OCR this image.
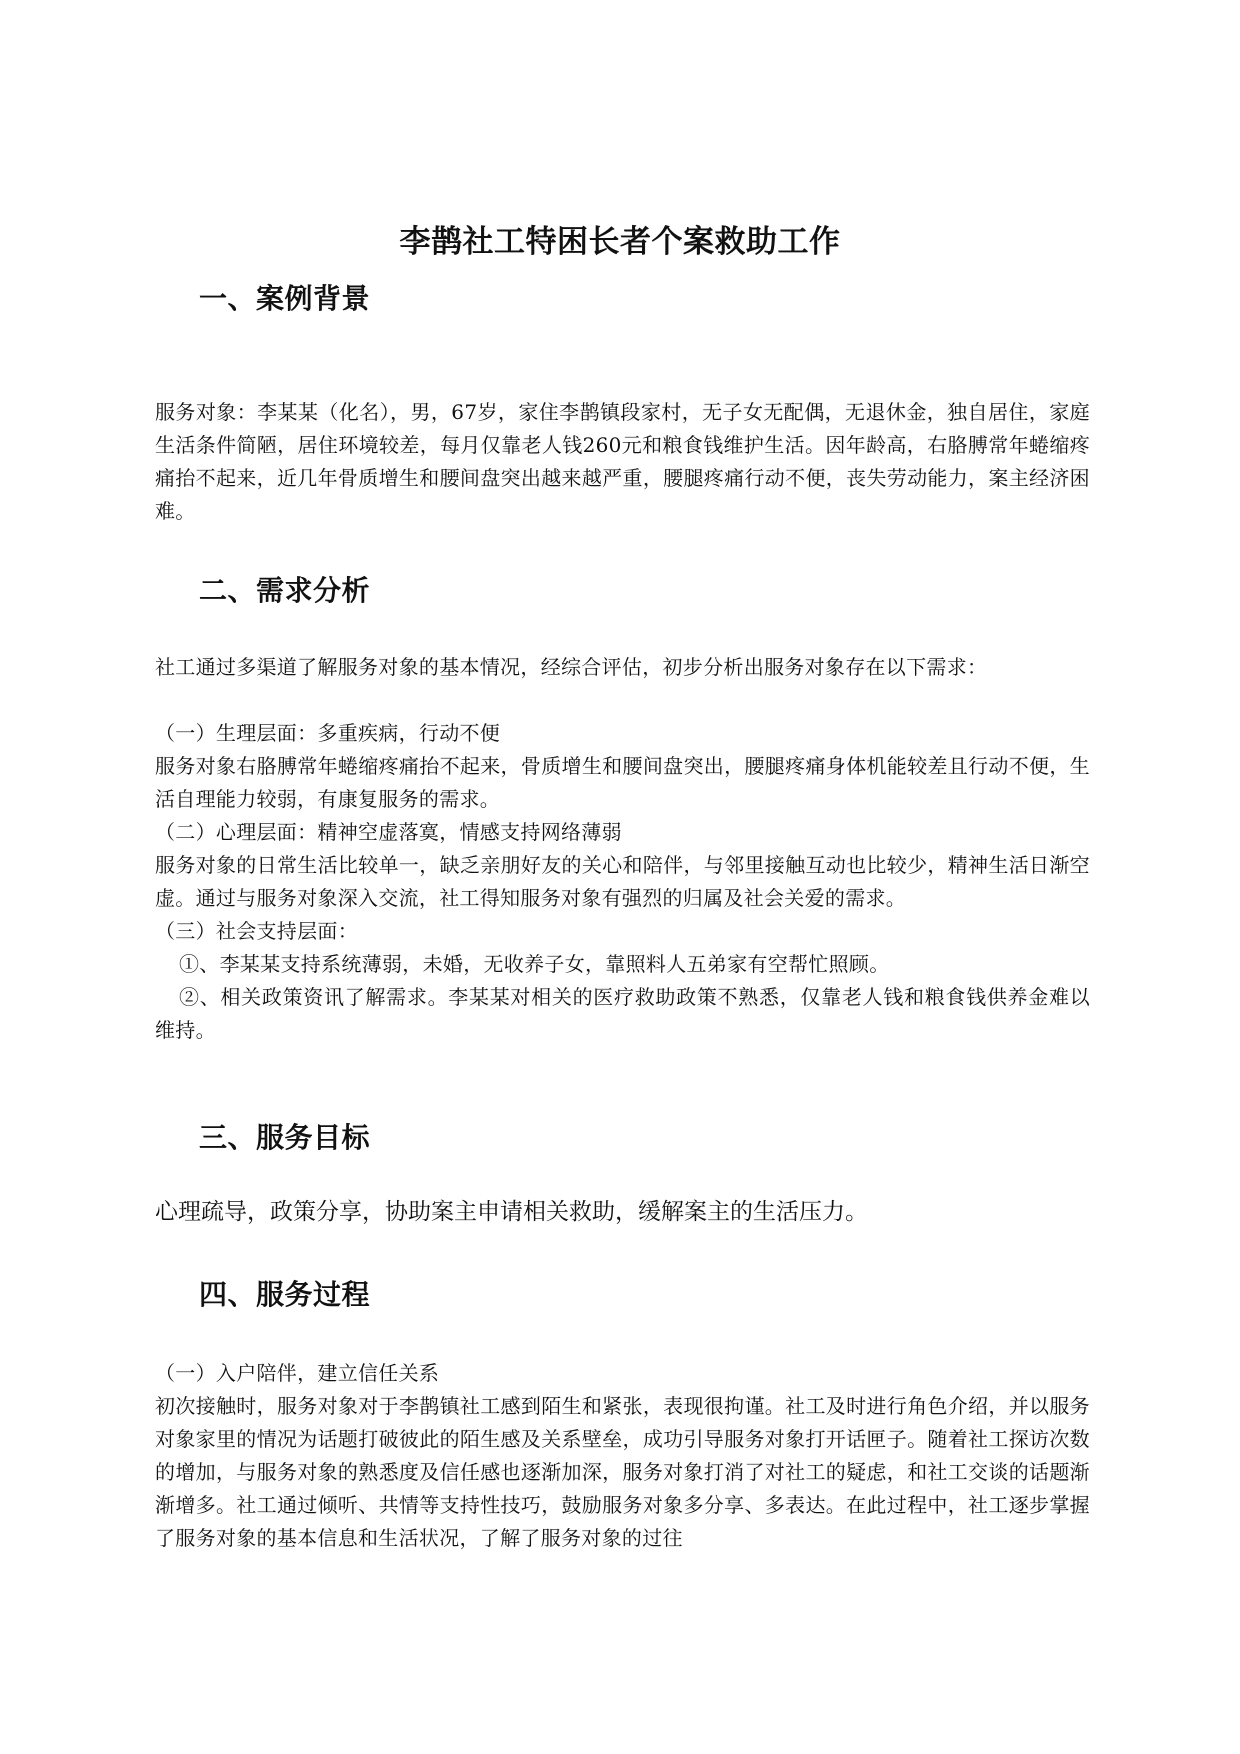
李鹊社工特困长者个案救助工作
一、案例背景
服务对象：李某某（化名），男，67岁，家住李鹊镇段家村，无子女无配偶，无退休金，独自居住，家庭生活条件简陋，居住环境较差，每月仅靠老人钱260元和粮食钱维护生活。因年龄高，右胳膊常年蜷缩疼痛抬不起来，近几年骨质增生和腰间盘突出越来越严重，腰腿疼痛行动不便，丧失劳动能力，案主经济困难。
二、需求分析
社工通过多渠道了解服务对象的基本情况，经综合评估，初步分析出服务对象存在以下需求：
（一）生理层面：多重疾病，行动不便
服务对象右胳膊常年蜷缩疼痛抬不起来，骨质增生和腰间盘突出，腰腿疼痛身体机能较差且行动不便，生活自理能力较弱，有康复服务的需求。
（二）心理层面：精神空虚落寞，情感支持网络薄弱
服务对象的日常生活比较单一，缺乏亲朋好友的关心和陪伴，与邻里接触互动也比较少，精神生活日渐空虚。通过与服务对象深入交流，社工得知服务对象有强烈的归属及社会关爱的需求。
（三）社会支持层面：
①、李某某支持系统薄弱，未婚，无收养子女，靠照料人五弟家有空帮忙照顾。
②、相关政策资讯了解需求。李某某对相关的医疗救助政策不熟悉，仅靠老人钱和粮食钱供养金难以维持。
三、服务目标
心理疏导，政策分享，协助案主申请相关救助，缓解案主的生活压力。
四、服务过程
（一）入户陪伴，建立信任关系
初次接触时，服务对象对于李鹊镇社工感到陌生和紧张，表现很拘谨。社工及时进行角色介绍，并以服务对象家里的情况为话题打破彼此的陌生感及关系壁垒，成功引导服务对象打开话匣子。随着社工探访次数的增加，与服务对象的熟悉度及信任感也逐渐加深，服务对象打消了对社工的疑虑，和社工交谈的话题渐渐增多。社工通过倾听、共情等支持性技巧，鼓励服务对象多分享、多表达。在此过程中，社工逐步掌握了服务对象的基本信息和生活状况，了解了服务对象的过往
